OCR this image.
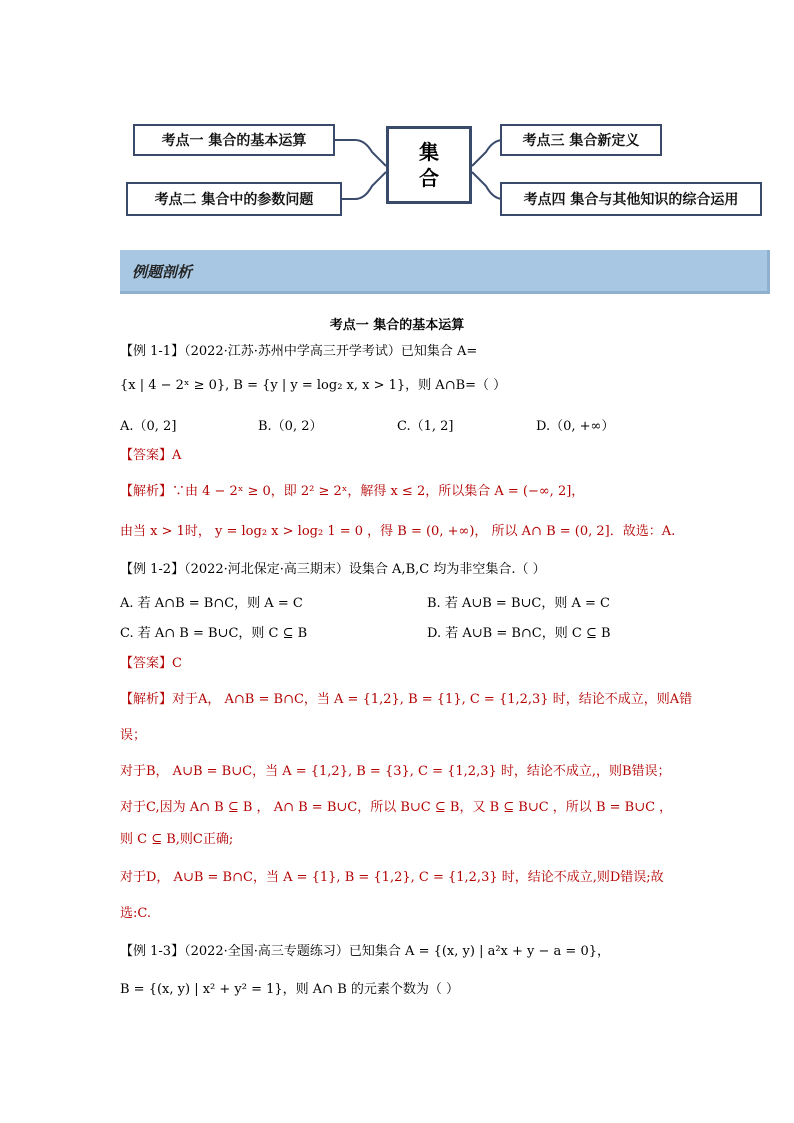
考点一 集合的基本运算
考点二 集合中的参数问题
集
合
考点三 集合新定义
考点四 集合与其他知识的综合运用
例题剖析
考点一 集合的基本运算
【例 1-1】（2022·江苏·苏州中学高三开学考试）已知集合 A=
{x | 4 − 2ˣ ≥ 0}, B = {y | y = log₂ x, x > 1}，则 A∩B=（ ）
A.（0, 2]	B.（0, 2）	C.（1, 2]	D.（0, +∞）
【答案】A
【解析】∵由 4 − 2ˣ ≥ 0，即 2² ≥ 2ˣ，解得 x ≤ 2，所以集合 A = (−∞, 2]，
由当 x > 1时， y = log₂ x > log₂ 1 = 0 ，得 B = (0, +∞)， 所以 A∩ B = (0, 2]．故选：A.
【例 1-2】（2022·河北保定·高三期末）设集合 A,B,C 均为非空集合.（ ）
A. 若 A∩B = B∩C，则 A = C	B. 若 A∪B = B∪C，则 A = C
C. 若 A∩ B = B∪C，则 C ⊆ B	D. 若 A∪B = B∩C，则 C ⊆ B
【答案】C
【解析】对于A， A∩B = B∩C，当 A = {1,2}, B = {1}, C = {1,2,3} 时，结论不成立，则A错
误；
对于B， A∪B = B∪C，当 A = {1,2}, B = {3}, C = {1,2,3} 时，结论不成立,，则B错误；
对于C,因为 A∩ B ⊆ B ， A∩ B = B∪C，所以 B∪C ⊆ B，又 B ⊆ B∪C ，所以 B = B∪C ，
则 C ⊆ B,则C正确;
对于D， A∪B = B∩C，当 A = {1}, B = {1,2}, C = {1,2,3} 时，结论不成立,则D错误;故
选:C.
【例 1-3】（2022·全国·高三专题练习）已知集合 A = {(x, y) | a²x + y − a = 0}，
B = {(x, y) | x² + y² = 1}，则 A∩ B 的元素个数为（ ）
